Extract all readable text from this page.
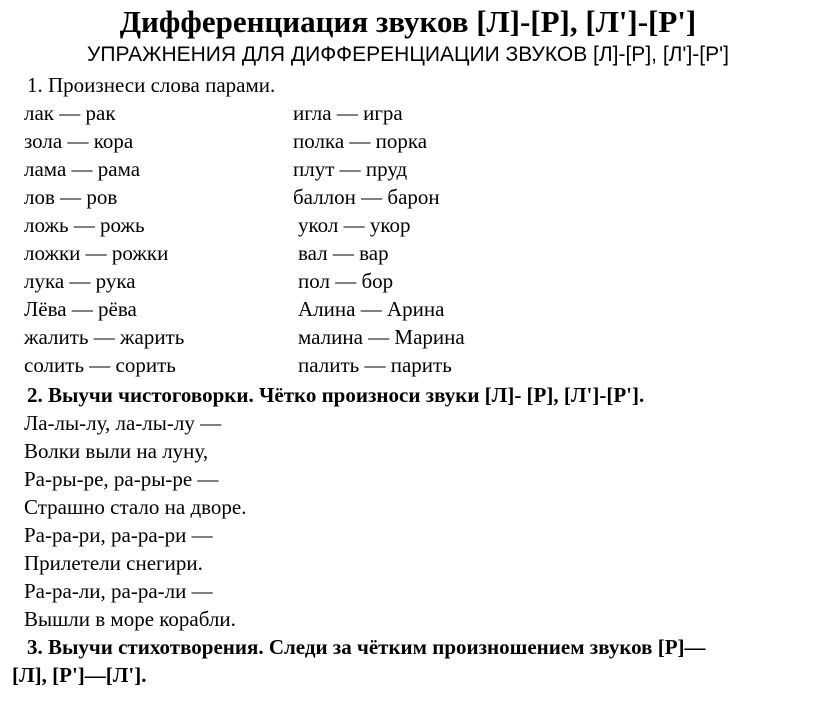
Дифференциация звуков [Л]-[Р], [Л']-[Р']
УПРАЖНЕНИЯ ДЛЯ ДИФФЕРЕНЦИАЦИИ ЗВУКОВ [Л]-[Р], [Л']-[Р']
1. Произнеси слова парами.
лак — рак	игла — игра
зола — кора	полка — порка
лама — рама	плут — пруд
лов — ров	баллон — барон
ложь — рожь	укол — укор
ложки — рожки	вал — вар
лука — рука	пол — бор
Лёва — рёва	Алина — Арина
жалить — жарить	малина — Марина
солить — сорить	палить — парить
2. Выучи чистоговорки. Чётко произноси звуки [Л]- [Р], [Л']-[Р'].
Ла-лы-лу, ла-лы-лу —
Волки выли на луну,
Ра-ры-ре, ра-ры-ре —
Страшно стало на дворе.
Ра-ра-ри, ра-ра-ри —
Прилетели снегири.
Ра-ра-ли, ра-ра-ли —
Вышли в море корабли.
3. Выучи стихотворения. Следи за чётким произношением звуков [Р]—
[Л], [Р']—[Л'].
